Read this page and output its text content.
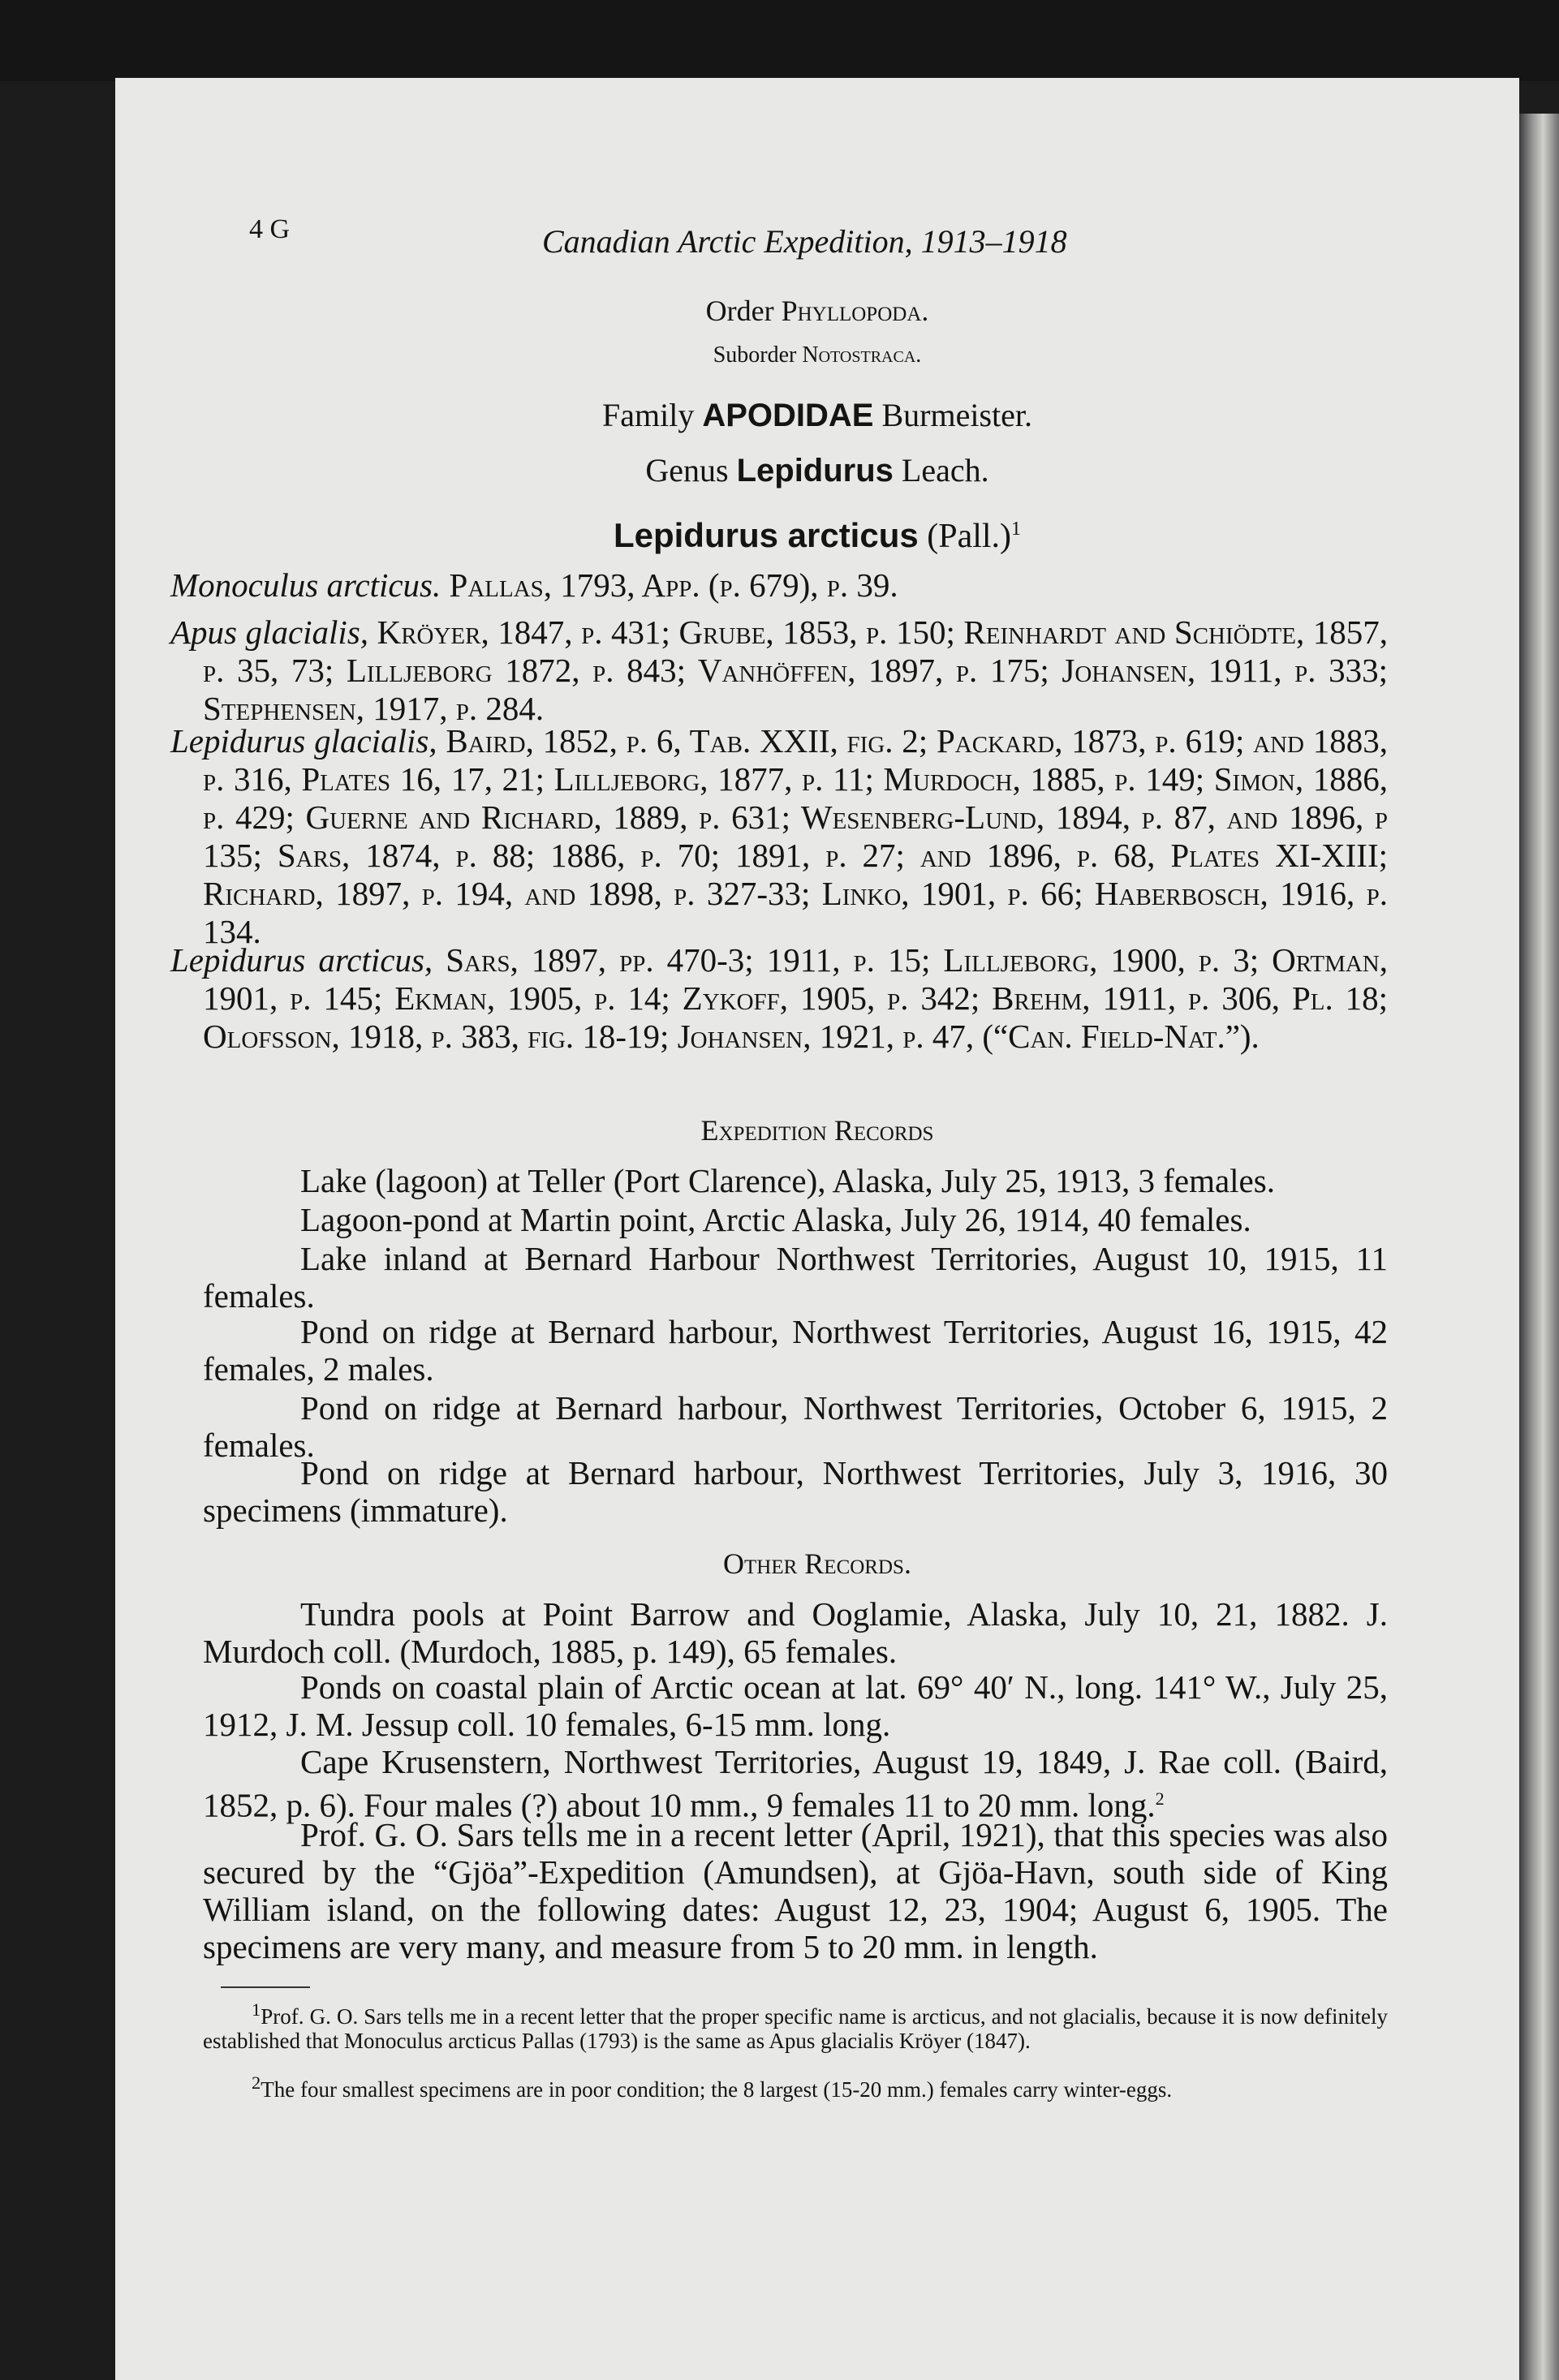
4 G	Canadian Arctic Expedition, 1913–1918
Order Phyllopoda.
Suborder Notostraca.
Family APODIDAE Burmeister.
Genus Lepidurus Leach.
Lepidurus arcticus (Pall.)$^1$
Monoculus arcticus. Pallas, 1793, App. (p. 679), p. 39.
Apus glacialis, Kröyer, 1847, p. 431; Grube, 1853, p. 150; Reinhardt and Schiödte, 1857, p. 35, 73; Lilljeborg 1872, p. 843; Vanhöffen, 1897, p. 175; Johansen, 1911, p. 333; Stephensen, 1917, p. 284.
Lepidurus glacialis, Baird, 1852, p. 6, Tab. XXII, fig. 2; Packard, 1873, p. 619; and 1883, p. 316, Plates 16, 17, 21; Lilljeborg, 1877, p. 11; Murdoch, 1885, p. 149; Simon, 1886, p. 429; Guerne and Richard, 1889, p. 631; Wesenberg-Lund, 1894, p. 87, and 1896, p 135; Sars, 1874, p. 88; 1886, p. 70; 1891, p. 27; and 1896, p. 68, Plates XI-XIII; Richard, 1897, p. 194, and 1898, p. 327-33; Linko, 1901, p. 66; Haberbosch, 1916, p. 134.
Lepidurus arcticus, Sars, 1897, pp. 470-3; 1911, p. 15; Lilljeborg, 1900, p. 3; Ortman, 1901, p. 145; Ekman, 1905, p. 14; Zykoff, 1905, p. 342; Brehm, 1911, p. 306, Pl. 18; Olofsson, 1918, p. 383, fig. 18-19; Johansen, 1921, p. 47, (“Can. Field-Nat.”).
Expedition Records
Lake (lagoon) at Teller (Port Clarence), Alaska, July 25, 1913, 3 females.
Lagoon-pond at Martin point, Arctic Alaska, July 26, 1914, 40 females.
Lake inland at Bernard Harbour Northwest Territories, August 10, 1915, 11 females.
Pond on ridge at Bernard harbour, Northwest Territories, August 16, 1915, 42 females, 2 males.
Pond on ridge at Bernard harbour, Northwest Territories, October 6, 1915, 2 females.
Pond on ridge at Bernard harbour, Northwest Territories, July 3, 1916, 30 specimens (immature).
Other Records.
Tundra pools at Point Barrow and Ooglamie, Alaska, July 10, 21, 1882. J. Murdoch coll. (Murdoch, 1885, p. 149), 65 females.
Ponds on coastal plain of Arctic ocean at lat. 69° 40′ N., long. 141° W., July 25, 1912, J. M. Jessup coll. 10 females, 6-15 mm. long.
Cape Krusenstern, Northwest Territories, August 19, 1849, J. Rae coll. (Baird, 1852, p. 6). Four males (?) about 10 mm., 9 females 11 to 20 mm. long.$^2$
Prof. G. O. Sars tells me in a recent letter (April, 1921), that this species was also secured by the “Gjöa”-Expedition (Amundsen), at Gjöa-Havn, south side of King William island, on the following dates: August 12, 23, 1904; August 6, 1905. The specimens are very many, and measure from 5 to 20 mm. in length.
$^1$Prof. G. O. Sars tells me in a recent letter that the proper specific name is arcticus, and not glacialis, because it is now definitely established that Monoculus arcticus Pallas (1793) is the same as Apus glacialis Kröyer (1847).
$^2$The four smallest specimens are in poor condition; the 8 largest (15-20 mm.) females carry winter-eggs.
